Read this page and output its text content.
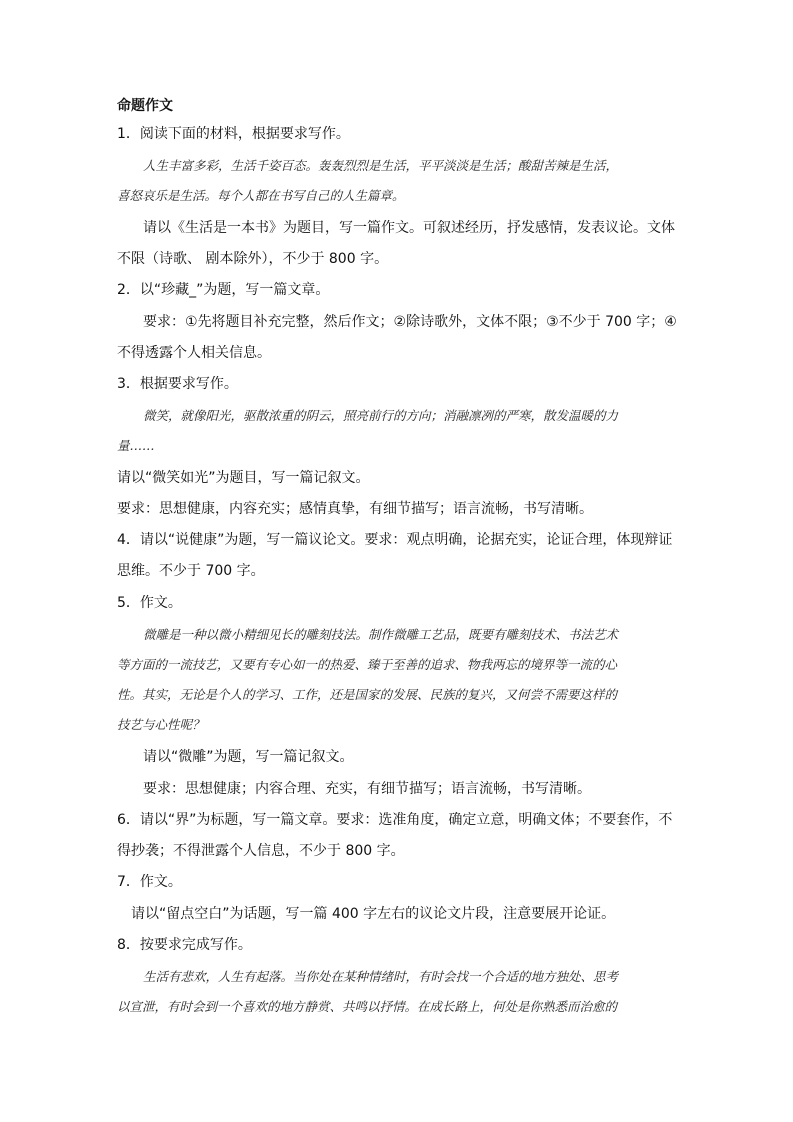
命题作文
1．阅读下面的材料，根据要求写作。
人生丰富多彩，生活千姿百态。轰轰烈烈是生活，平平淡淡是生活；酸甜苦辣是生活，
喜怒哀乐是生活。每个人都在书写自己的人生篇章。
请以《生活是一本书》为题目，写一篇作文。可叙述经历，抒发感情，发表议论。文体
不限（诗歌、 剧本除外），不少于 800 字。
2．以“珍藏_”为题，写一篇文章。
要求：①先将题目补充完整，然后作文；②除诗歌外，文体不限；③不少于 700 字；④
不得透露个人相关信息。
3．根据要求写作。
微笑，就像阳光，驱散浓重的阴云，照亮前行的方向；消融凛冽的严寒，散发温暖的力
量……
请以“微笑如光”为题目，写一篇记叙文。
要求：思想健康，内容充实；感情真挚，有细节描写；语言流畅，书写清晰。
4．请以“说健康”为题，写一篇议论文。要求：观点明确，论据充实，论证合理，体现辩证
思维。不少于 700 字。
5．作文。
微雕是一种以微小精细见长的雕刻技法。制作微雕工艺品，既要有雕刻技术、书法艺术
等方面的一流技艺，又要有专心如一的热爱、臻于至善的追求、物我两忘的境界等一流的心
性。其实，无论是个人的学习、工作，还是国家的发展、民族的复兴，又何尝不需要这样的
技艺与心性呢？
请以“微雕”为题，写一篇记叙文。
要求：思想健康；内容合理、充实，有细节描写；语言流畅，书写清晰。
6．请以“界”为标题，写一篇文章。要求：选准角度，确定立意，明确文体；不要套作，不
得抄袭；不得泄露个人信息，不少于 800 字。
7．作文。
请以“留点空白”为话题，写一篇 400 字左右的议论文片段，注意要展开论证。
8．按要求完成写作。
生活有悲欢，人生有起落。当你处在某种情绪时，有时会找一个合适的地方独处、思考
以宣泄，有时会到一个喜欢的地方静赏、共鸣以抒情。在成长路上，何处是你熟悉而治愈的
